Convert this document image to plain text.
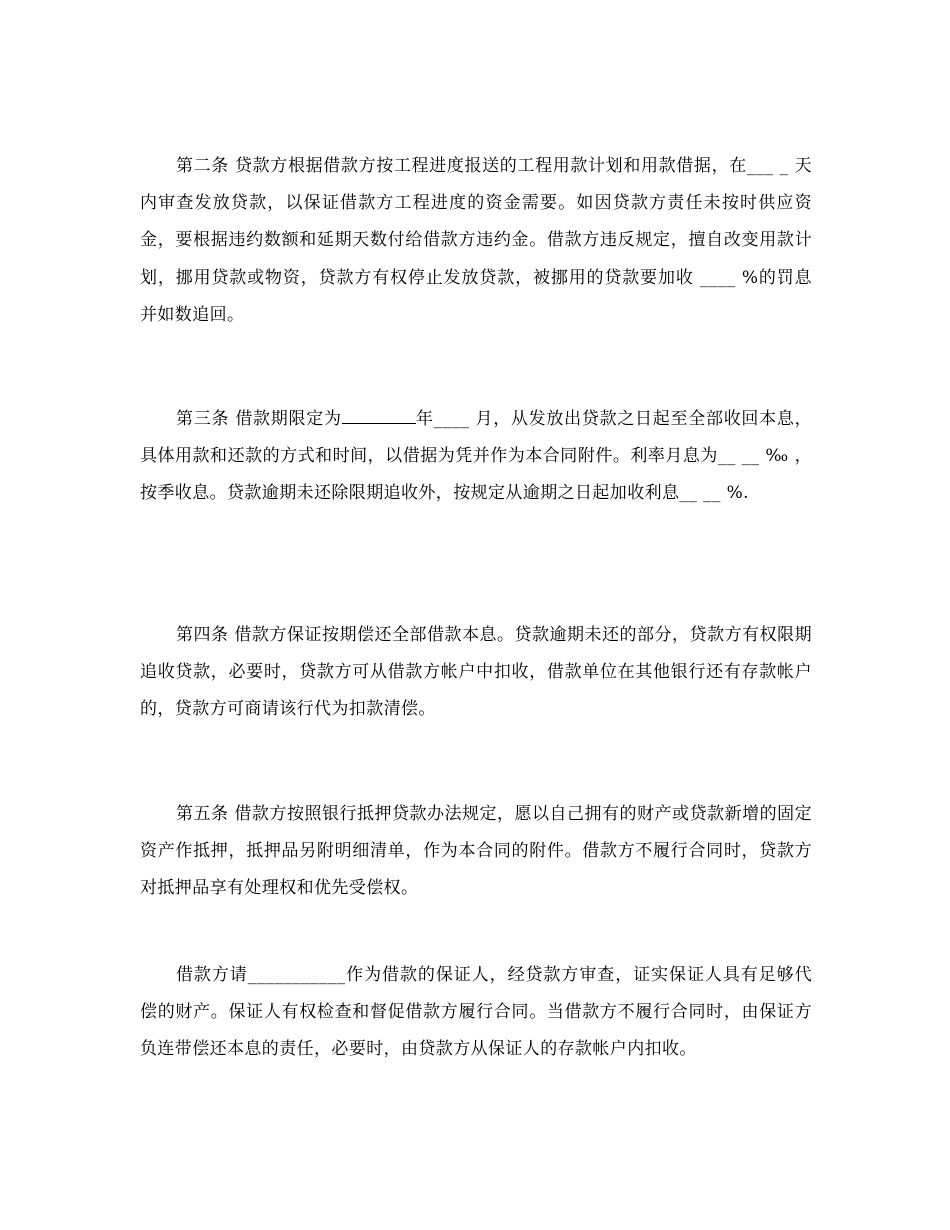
第二条 贷款方根据借款方按工程进度报送的工程用款计划和用款借据，在___ _ 天内审查发放贷款，以保证借款方工程进度的资金需要。如因贷款方责任未按时供应资金，要根据违约数额和延期天数付给借款方违约金。借款方违反规定，擅自改变用款计划，挪用贷款或物资，贷款方有权停止发放贷款，被挪用的贷款要加收 ____ %的罚息并如数追回。

第三条 借款期限定为	年____ 月，从发放出贷款之日起至全部收回本息，具体用款和还款的方式和时间，以借据为凭并作为本合同附件。利率月息为__ __ ‰ ，按季收息。贷款逾期未还除限期追收外，按规定从逾期之日起加收利息__ __ %.

第四条 借款方保证按期偿还全部借款本息。贷款逾期未还的部分，贷款方有权限期追收贷款，必要时，贷款方可从借款方帐户中扣收，借款单位在其他银行还有存款帐户的，贷款方可商请该行代为扣款清偿。

第五条 借款方按照银行抵押贷款办法规定，愿以自己拥有的财产或贷款新增的固定资产作抵押，抵押品另附明细清单，作为本合同的附件。借款方不履行合同时，贷款方对抵押品享有处理权和优先受偿权。

借款方请___________作为借款的保证人，经贷款方审查，证实保证人具有足够代偿的财产。保证人有权检查和督促借款方履行合同。当借款方不履行合同时，由保证方负连带偿还本息的责任，必要时，由贷款方从保证人的存款帐户内扣收。
